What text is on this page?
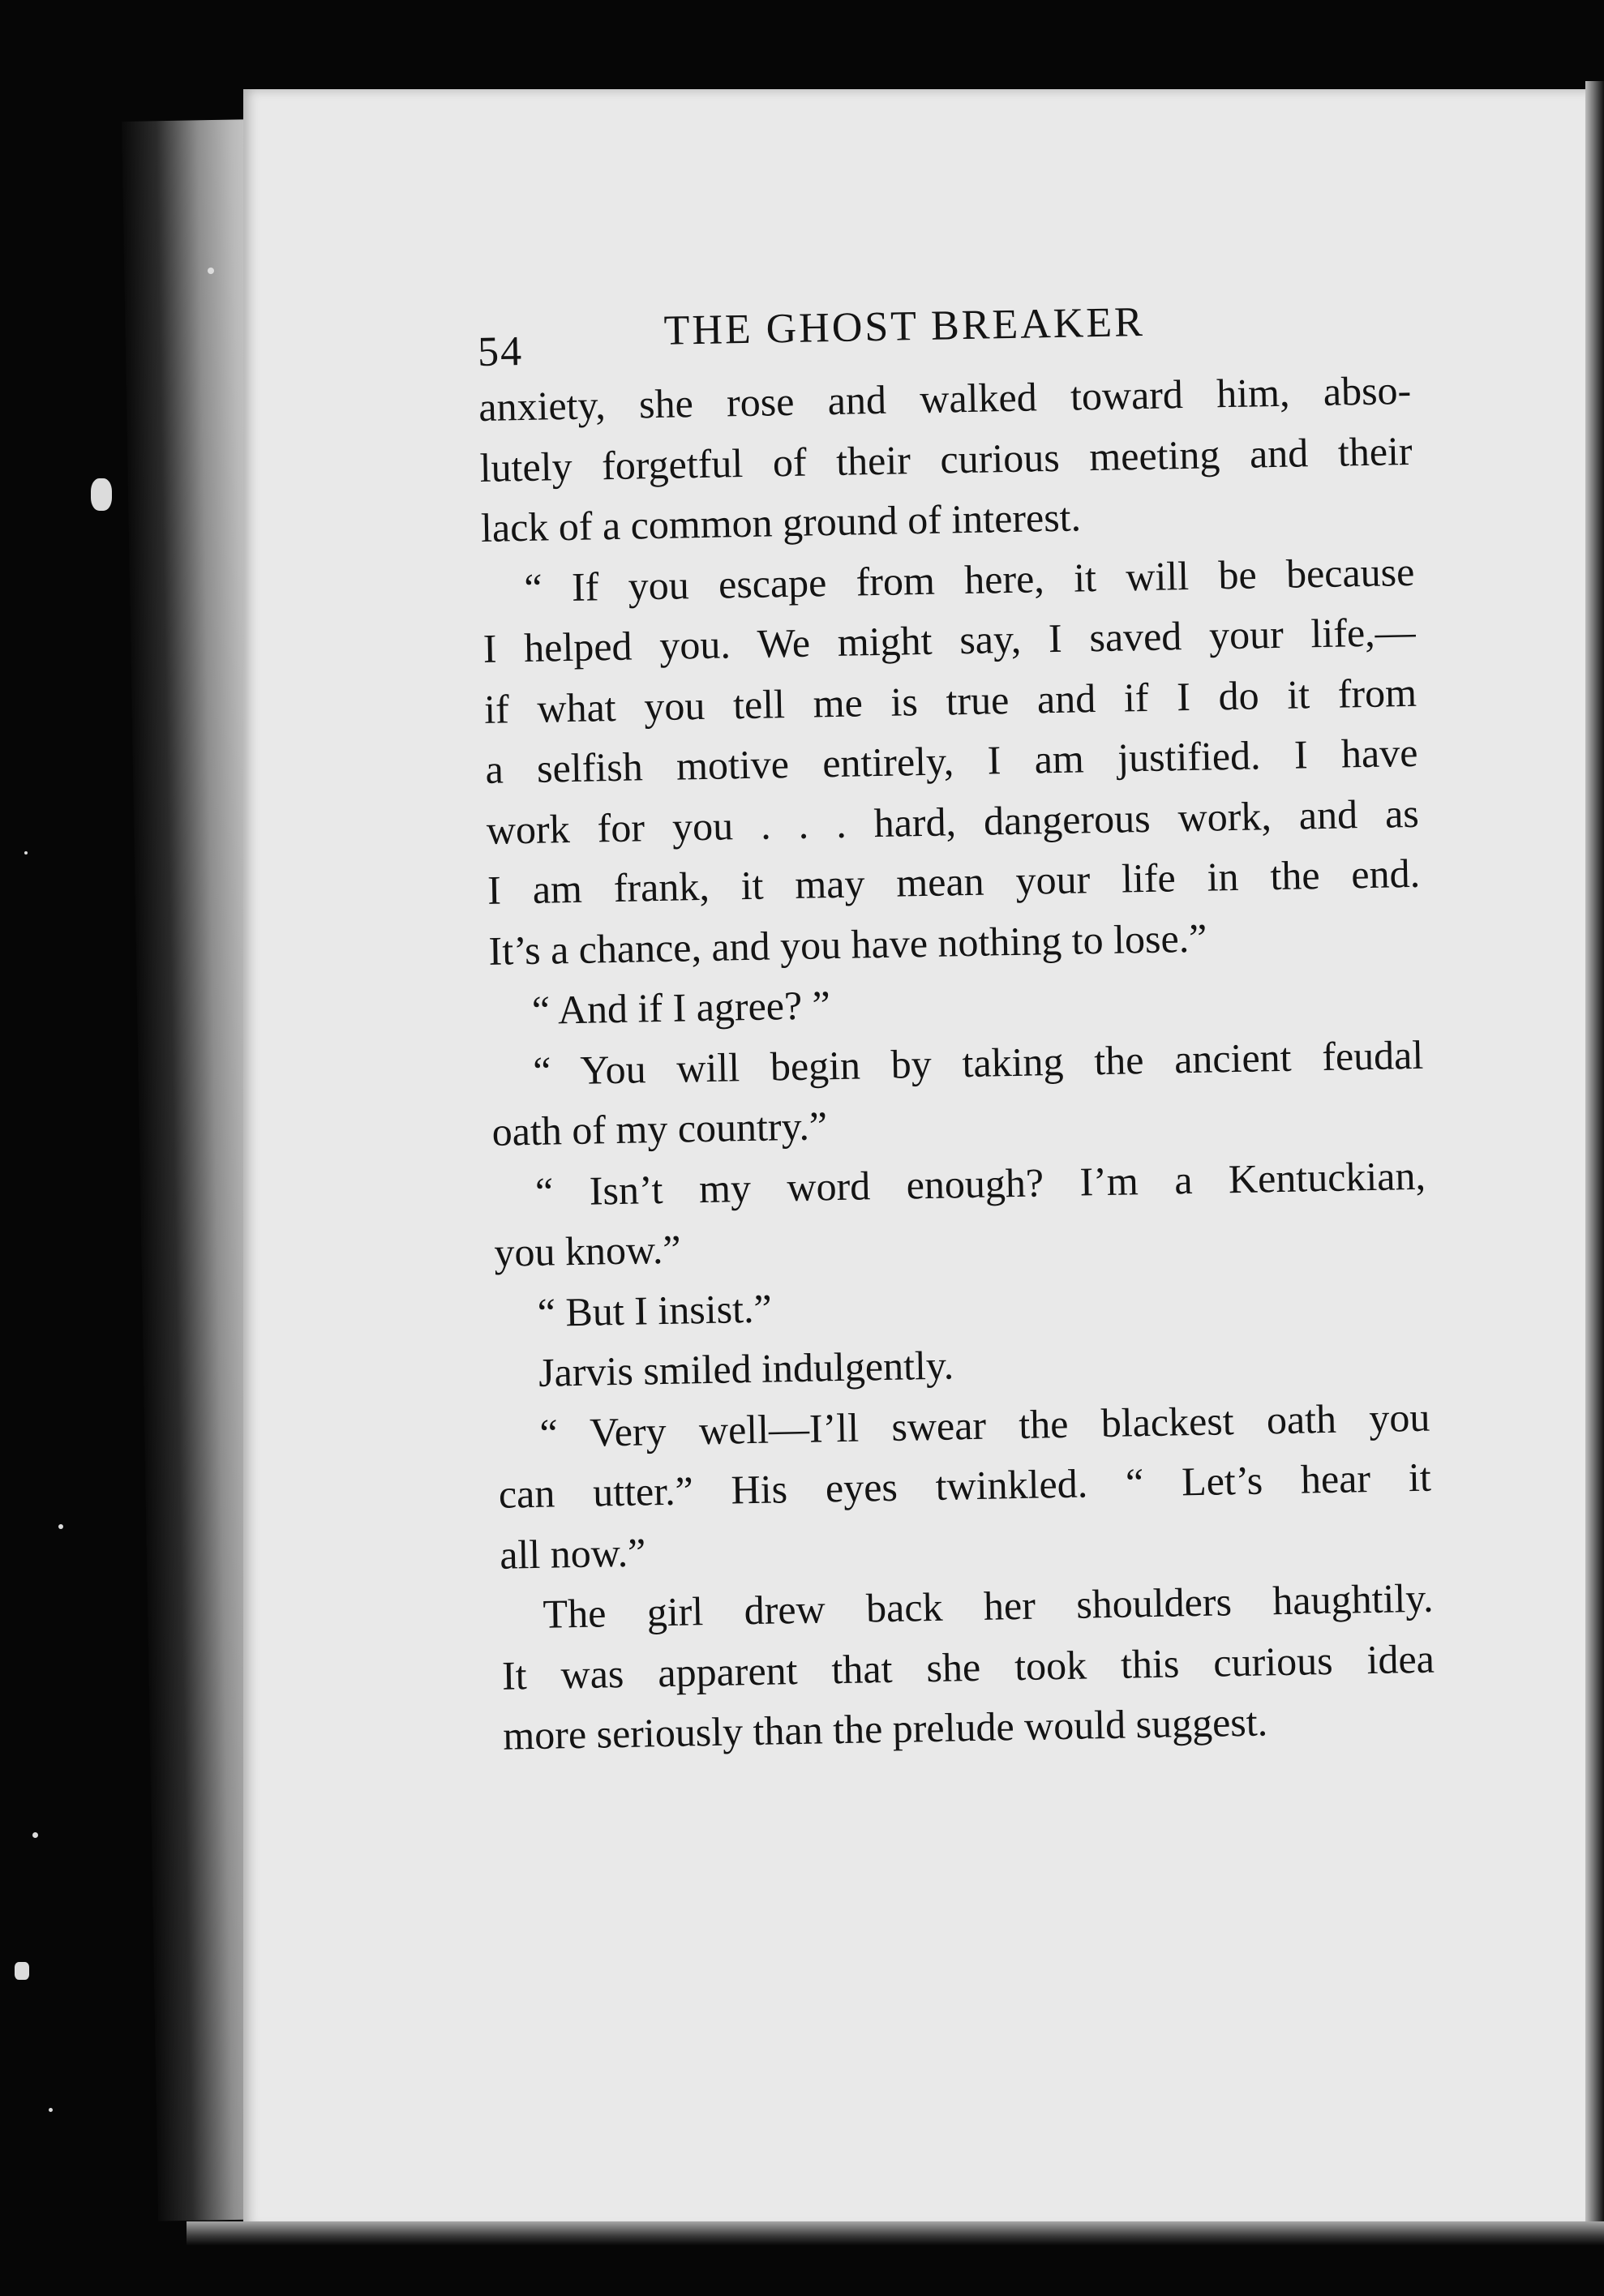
54	THE GHOST BREAKER
anxiety, she rose and walked toward him, abso-
lutely forgetful of their curious meeting and their
lack of a common ground of interest.
“ If you escape from here, it will be because
I helped you. We might say, I saved your life,—
if what you tell me is true and if I do it from
a selfish motive entirely, I am justified. I have
work for you . . . hard, dangerous work, and as
I am frank, it may mean your life in the end.
It’s a chance, and you have nothing to lose.”
“ And if I agree? ”
“ You will begin by taking the ancient feudal
oath of my country.”
“ Isn’t my word enough? I’m a Kentuckian,
you know.”
“ But I insist.”
Jarvis smiled indulgently.
“ Very well—I’ll swear the blackest oath you
can utter.” His eyes twinkled. “ Let’s hear it
all now.”
The girl drew back her shoulders haughtily.
It was apparent that she took this curious idea
more seriously than the prelude would suggest.
